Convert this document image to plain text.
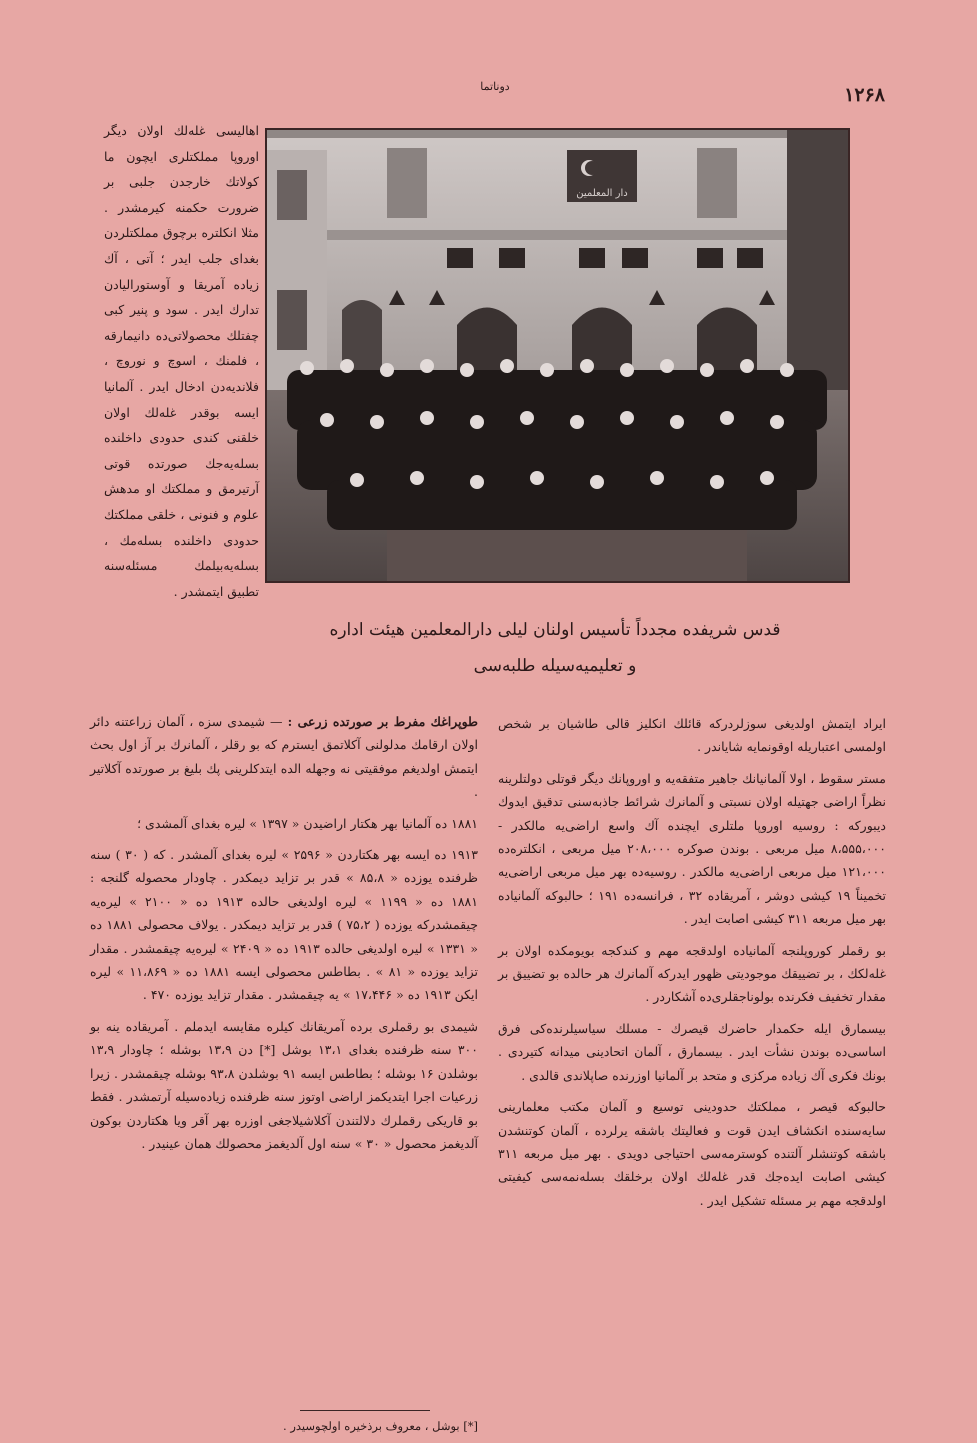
۱۲۶۸
دوناتما
دار المعلمين
قدس شریفده مجدداً تأسیس اولنان لیلی دارالمعلمین هیئت اداره
و تعلیمیه‌سیله طلبه‌سی

اهالیسی غله‌لك اولان دیگر اوروپا مملکتلری ایچون ما کولاتك خارجدن جلبی بر ضرورت حکمنه کیرمشدر . مثلا انکلتره برچوق مملکتلردن بغدای جلب ایدر ؛ آتی ، آك زیاده آمریقا و آوستورالیادن تدارك ایدر . سود و پنیر کبی چفتلك محصولاتی‌ده دانیمارقه ، فلمنك ، اسوچ و نوروچ ، فلاندیه‌دن ادخال ایدر . آلمانیا ایسه بوقدر غله‌لك اولان خلقنی کندی حدودی داخلنده بسله‌یه‌جك صورتده قوتی آرتیرمق و مملکتك او مدهش علوم و فنونی ، خلقی مملکتك حدودی داخلنده بسله‌مك ، بسله‌یه‌بیلمك مسئله‌سنه تطبیق ایتمشدر .

ایراد ایتمش اولدیغی سوزلردرکه قائلك انکلیز قالی طاشیان بر شخص اولمسی اعتباریله اوقونمایه شایاندر .

مستر سقوط ، اولا آلمانیانك جاهیر متفقه‌یه و اوروپانك دیگر قوتلی دولتلرینه نظراً اراضی جهتیله اولان نسبتی و آلمانرك شرائط جاذبه‌سنی تدقیق ایدوك دیبورکه : روسیه اوروپا ملتلری ایچنده آك واسع اراضی‌یه مالکدر - ۸،۵۵۵،۰۰۰ میل مربعی . بوندن صوکره ۲۰۸،۰۰۰ میل مربعی ، انکلتره‌ده ۱۲۱،۰۰۰ میل مربعی اراضی‌یه مالکدر . روسیه‌ده بهر میل مربعی اراضی‌یه تخمیناً ۱۹ کیشی دوشر ، آمریقاده ۳۲ ، فرانسه‌ده ۱۹۱ ؛ حالبوکه آلمانیاده بهر میل مربعه ۳۱۱ کیشی اصابت ایدر .

بو رقملر کوروپلنجه آلمانیاده اولدقجه مهم و کندکجه بویومکده اولان بر غله‌لکك ، بر تضییقك موجودیتی ظهور ایدرکه آلمانرك هر حالده بو تضییق بر مقدار تخفیف فکرنده بولوناجقلری‌ده آشکاردر .

بیسمارق ایله حکمدار حاضرك قیصرك - مسلك سیاسیلرنده‌کی فرق اساسی‌ده بوندن نشأت ایدر . بیسمارق ، آلمان اتحادینی میدانه کتیردی . بونك فکری آك زیاده مرکزی و متحد بر آلمانیا اوزرنده صاپلاندی قالدی .

حالبوکه قیصر ، مملکتك حدودینی توسیع و آلمان مکتب معلمارینی سایه‌سنده انکشاف ایدن قوت و فعالیتك باشقه یرلرده ، آلمان کوتنشدن باشقه کوتنشلر آلتنده کوسترمه‌سی احتیاجی دویدی . بهر میل مربعه ۳۱۱ کیشی اصابت ایده‌جك قدر غله‌لك اولان برخلقك بسله‌نمه‌سی کیفیتی اولدقجه مهم بر مسئله تشکیل ایدر .

طوپراغك مفرط بر صورتده زرعی : — شیمدی سزه ، آلمان زراعتنه دائر اولان ارقامك مدلولنی آکلاتمق ایسترم که بو رقلر ، آلمانرك بر آز اول بحث ایتمش اولدیغم موفقیتی نه وجهله الده ایتدکلرینی پك بلیغ بر صورتده آکلاتیر .

۱۸۸۱ ده آلمانیا بهر هکتار اراضیدن « ۱۳۹۷ » لیره بغدای آلمشدی ؛

۱۹۱۳ ده ایسه بهر هکتاردن « ۲۵۹۶ » لیره بغدای آلمشدر . که ( ۳۰ ) سنه ظرفنده یوزده « ۸۵،۸ » قدر بر تزاید دیمکدر . چاودار محصوله گلنجه : ۱۸۸۱ ده « ۱۱۹۹ » لیره اولدیغی حالده ۱۹۱۳ ده « ۲۱۰۰ » لیره‌یه چیقمشدرکه یوزده ( ۷۵،۲ ) قدر بر تزاید دیمکدر . یولاف محصولی ۱۸۸۱ ده « ۱۳۳۱ » لیره اولدیغی حالده ۱۹۱۳ ده « ۲۴۰۹ » لیره‌یه چیقمشدر . مقدار تزاید یوزده « ۸۱ » . بطاطس محصولی ایسه ۱۸۸۱ ده « ۱۱،۸۶۹ » لیره ایکن ۱۹۱۳ ده « ۱۷،۴۴۶ » یه چیقمشدر . مقدار تزاید یوزده ۴۷۰ .

شیمدی بو رقملری برده آمریقانك کیلره مقایسه ایدملم . آمریقاده ینه بو ۳۰۰ سنه ظرفنده بغدای ۱۳،۱ بوشل [*] دن ۱۳،۹ بوشله ؛ چاودار ۱۳،۹ بوشلدن ۱۶ بوشله ؛ بطاطس ایسه ۹۱ بوشلدن ۹۳،۸ بوشله چیقمشدر . زیرا زرعیات اجرا ایتدیکمز اراضی اوتوز سنه ظرفنده زیاده‌سیله آرتمشدر . فقط بو قاریکی رقملرك دلالتندن آکلاشیلاجغی اوزره بهر آقر ویا هکتاردن بوکون آلدیغمز محصول « ۳۰ » سنه اول آلدیغمز محصولك همان عینیدر .

[*] بوشل ، معروف برذخیره اولچوسیدر .
